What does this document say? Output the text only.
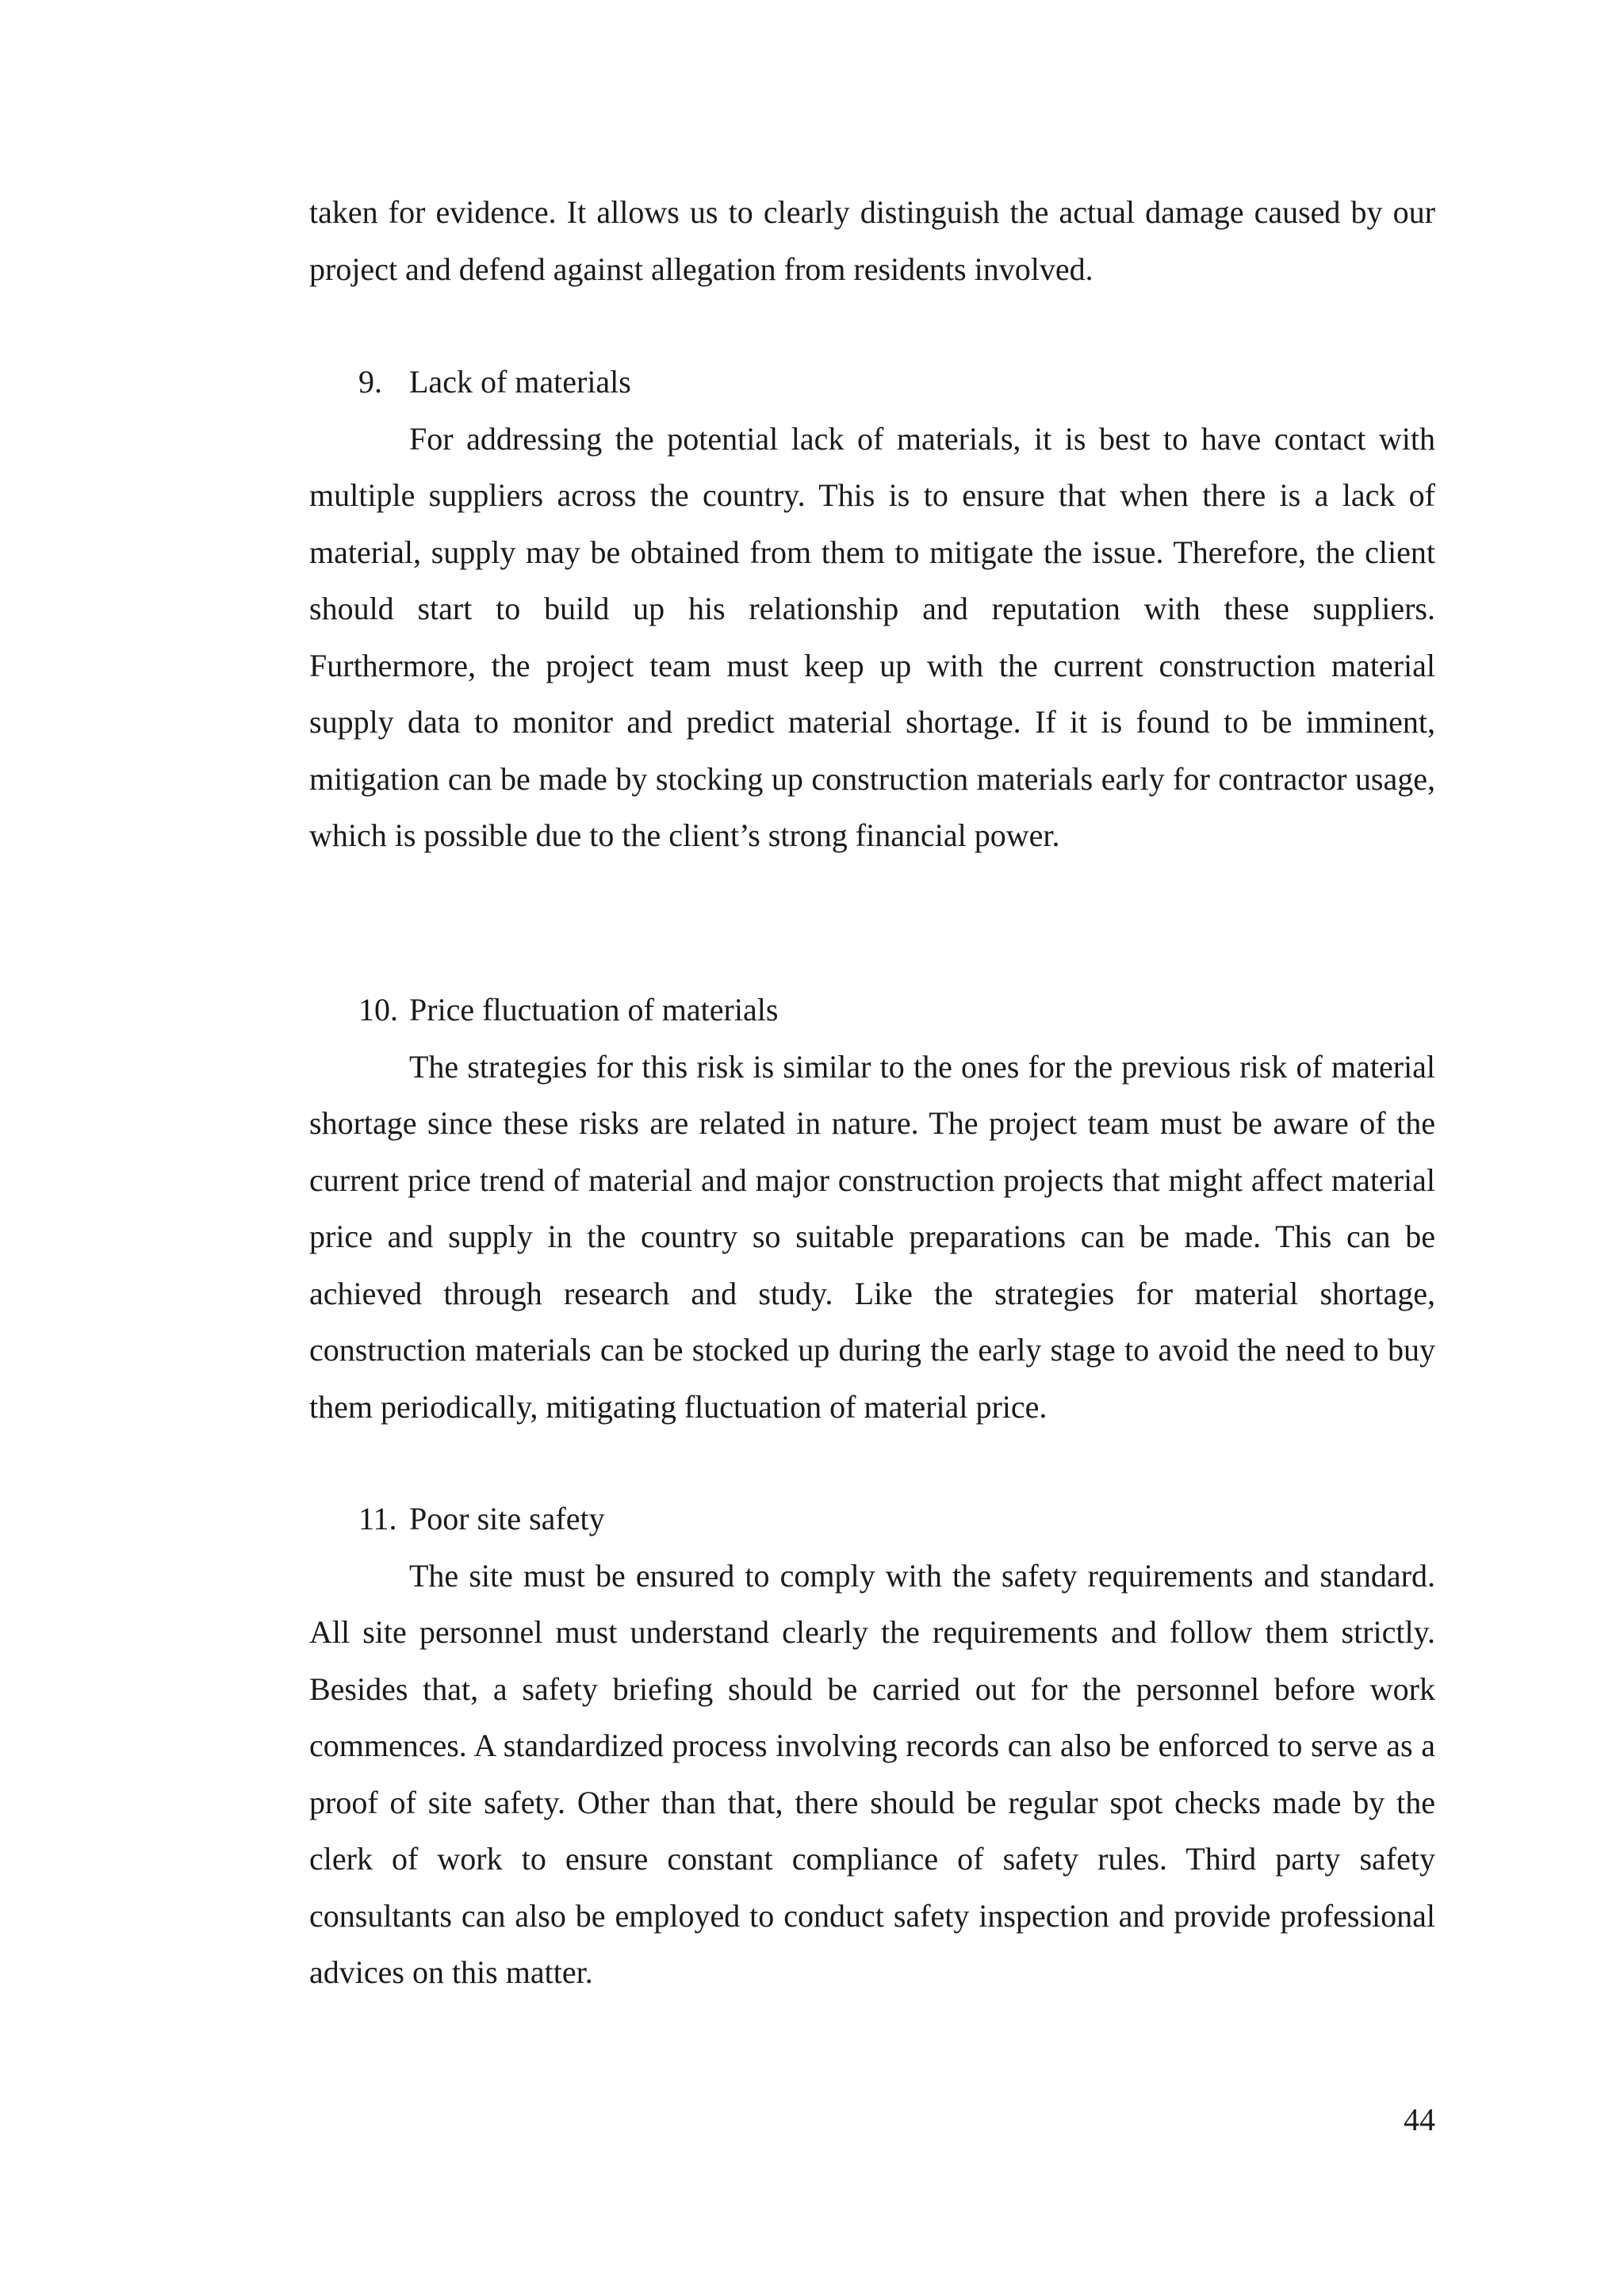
taken for evidence. It allows us to clearly distinguish the actual damage caused by our project and defend against allegation from residents involved.

9. Lack of materials

For addressing the potential lack of materials, it is best to have contact with multiple suppliers across the country. This is to ensure that when there is a lack of material, supply may be obtained from them to mitigate the issue. Therefore, the client should start to build up his relationship and reputation with these suppliers. Furthermore, the project team must keep up with the current construction material supply data to monitor and predict material shortage. If it is found to be imminent, mitigation can be made by stocking up construction materials early for contractor usage, which is possible due to the client’s strong financial power.

10. Price fluctuation of materials

The strategies for this risk is similar to the ones for the previous risk of material shortage since these risks are related in nature. The project team must be aware of the current price trend of material and major construction projects that might affect material price and supply in the country so suitable preparations can be made. This can be achieved through research and study. Like the strategies for material shortage, construction materials can be stocked up during the early stage to avoid the need to buy them periodically, mitigating fluctuation of material price.

11. Poor site safety

The site must be ensured to comply with the safety requirements and standard. All site personnel must understand clearly the requirements and follow them strictly. Besides that, a safety briefing should be carried out for the personnel before work commences. A standardized process involving records can also be enforced to serve as a proof of site safety. Other than that, there should be regular spot checks made by the clerk of work to ensure constant compliance of safety rules. Third party safety consultants can also be employed to conduct safety inspection and provide professional advices on this matter.

44
